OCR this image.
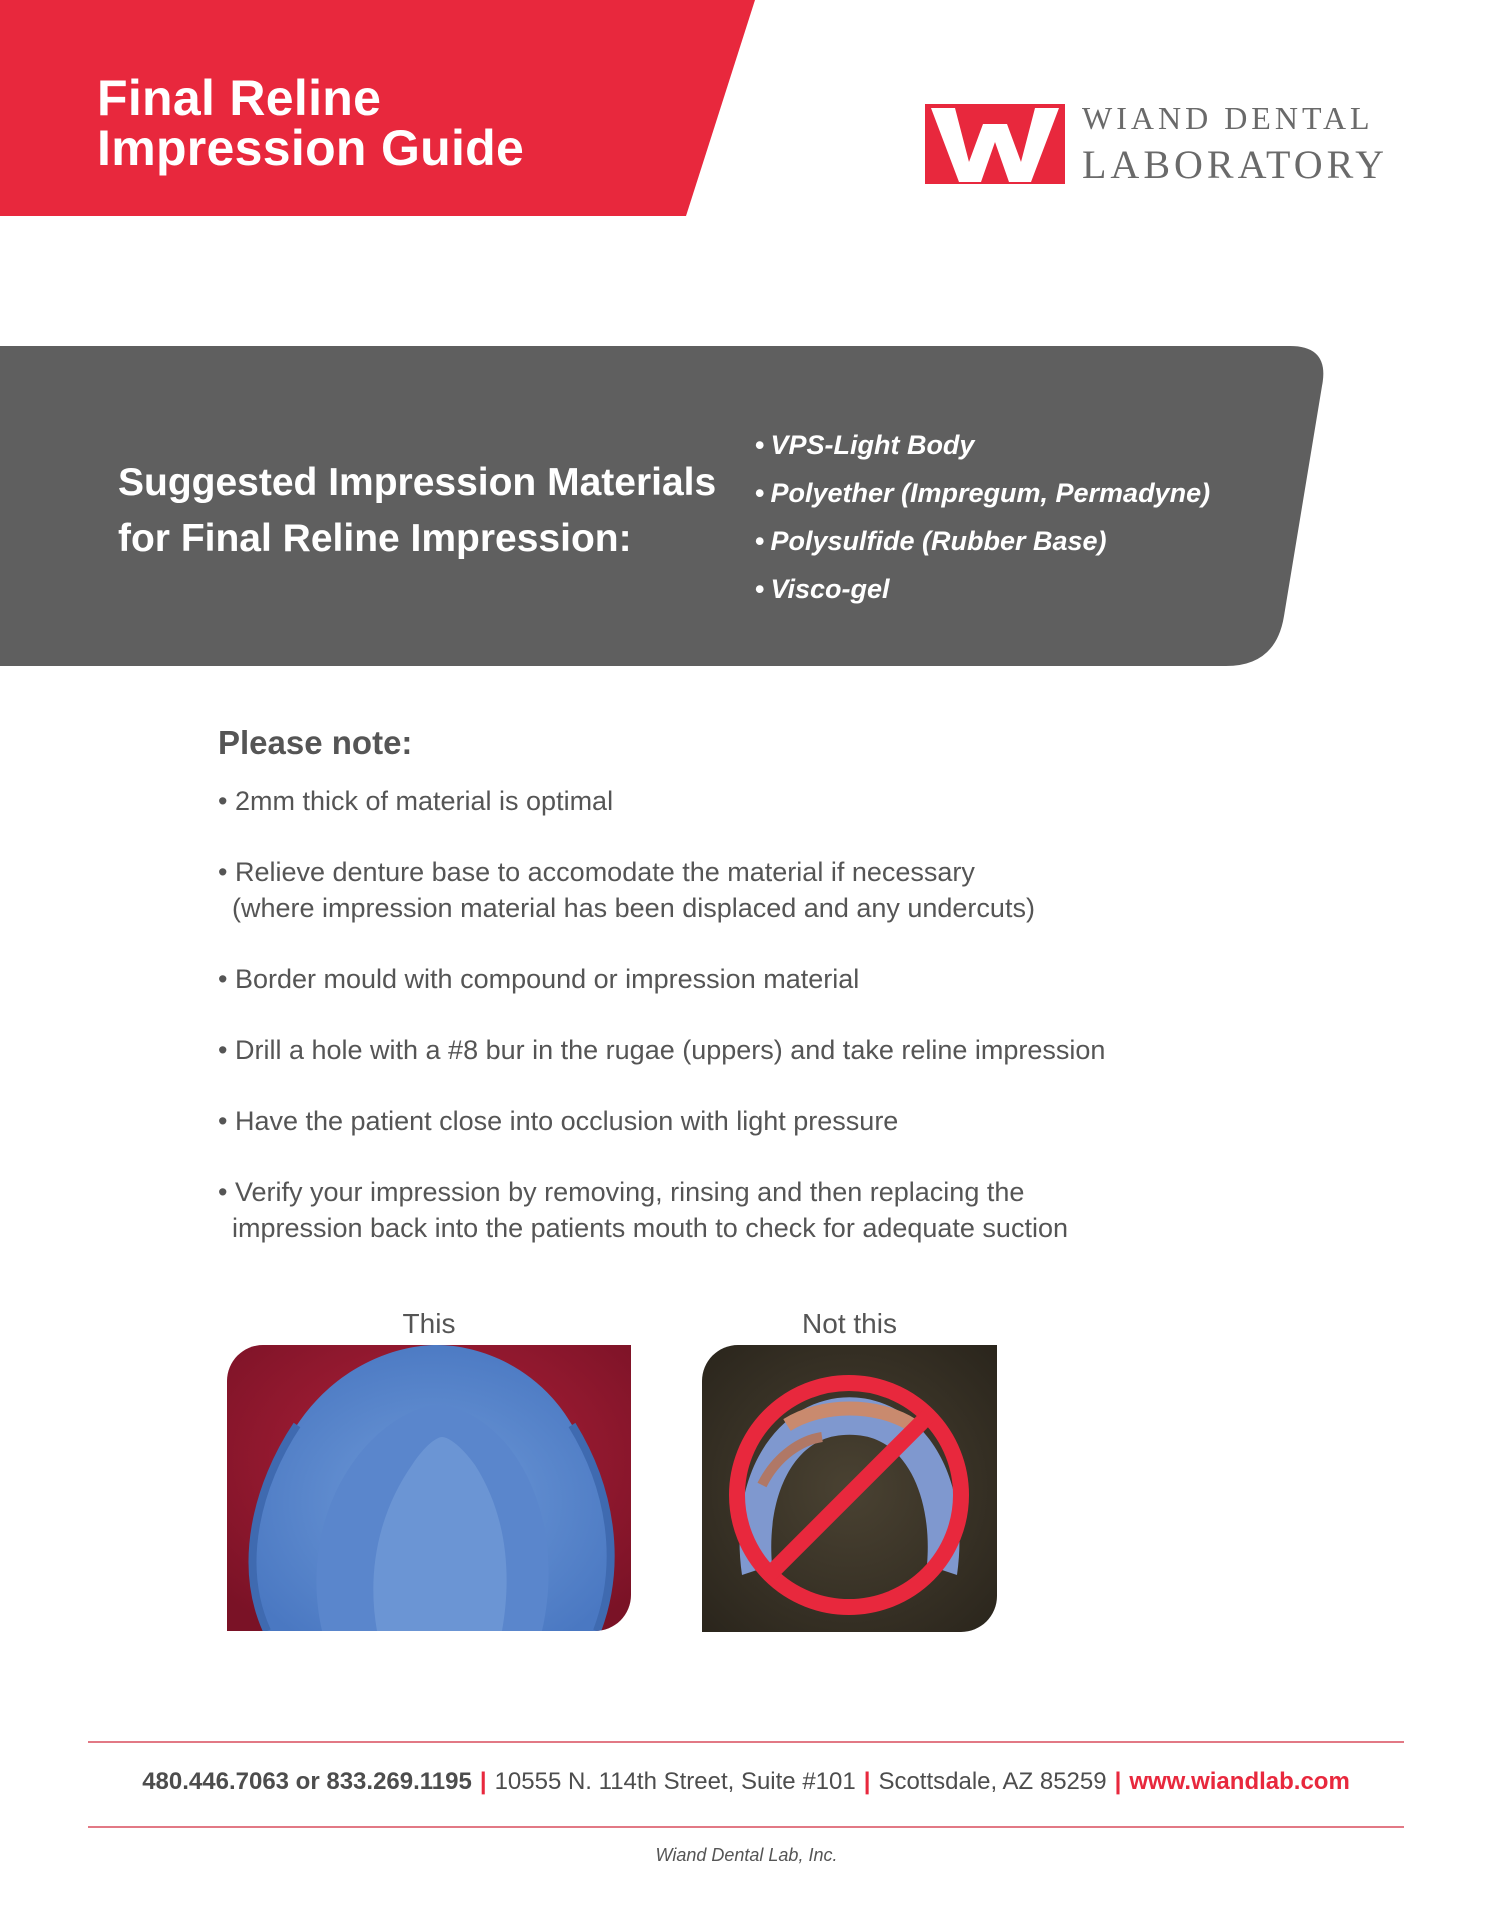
Final Reline
Impression Guide
WIAND DENTAL
LABORATORY
Suggested Impression Materials
for Final Reline Impression:
• VPS-Light Body
• Polyether (Impregum, Permadyne)
• Polysulfide (Rubber Base)
• Visco-gel
Please note:
• 2mm thick of material is optimal
• Relieve denture base to accomodate the material if necessary
(where impression material has been displaced and any undercuts)
• Border mould with compound or impression material
• Drill a hole with a #8 bur in the rugae (uppers) and take reline impression
• Have the patient close into occlusion with light pressure
• Verify your impression by removing, rinsing and then replacing the
impression back into the patients mouth to check for adequate suction
This	Not this
480.446.7063 or 833.269.1195 | 10555 N. 114th Street, Suite #101 | Scottsdale, AZ 85259 | www.wiandlab.com
Wiand Dental Lab, Inc.
